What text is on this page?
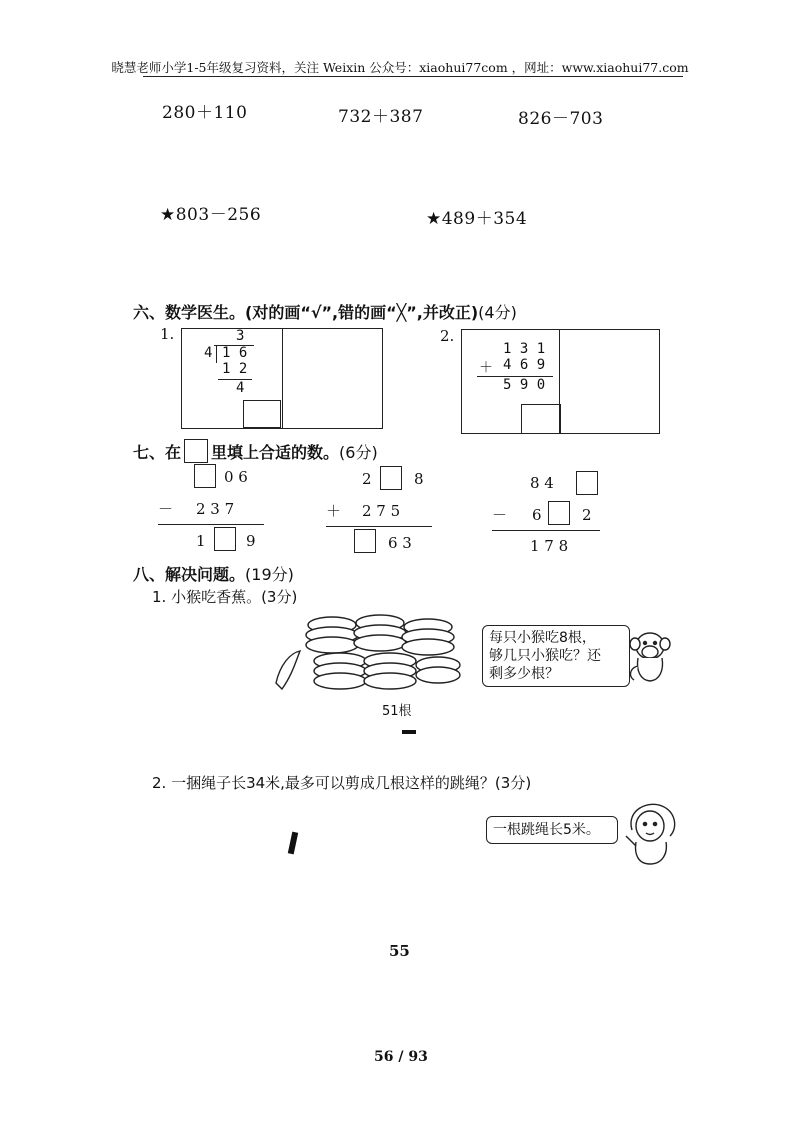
晓慧老师小学1-5年级复习资料，关注 Weixin 公众号：xiaohui77com ，网址：www.xiaohui77.com
280＋110	732＋387	826－703
★803－256	★489＋354
六、数学医生。(对的画“√”,错的画“╳”,并改正)(4分)
1.	3
4 1 6
1 2
4
2.
1 3 1
＋ 4 6 9
5 9 0
七、在 里填上合适的数。 (6分)
0 6
－ 2 3 7
1	9
2	8
＋ 2 7 5
6 3
8 4
－ 6	2
1 7 8
八、解决问题。(19分)
1. 小猴吃香蕉。(3分)
51根
每只小猴吃8根，
够几只小猴吃？还
剩多少根？
2. 一捆绳子长34米,最多可以剪成几根这样的跳绳？(3分)
一根跳绳长5米。
55
56 / 93
